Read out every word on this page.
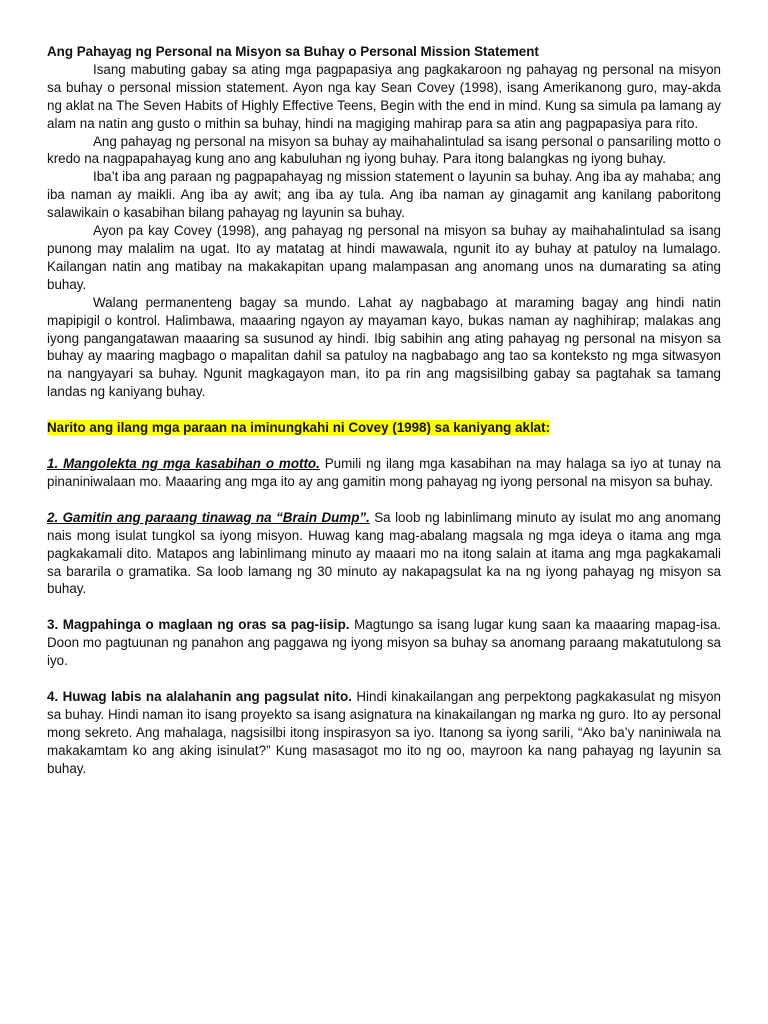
Ang Pahayag ng Personal na Misyon sa Buhay o Personal Mission Statement

Isang mabuting gabay sa ating mga pagpapasiya ang pagkakaroon ng pahayag ng personal na misyon sa buhay o personal mission statement. Ayon nga kay Sean Covey (1998), isang Amerikanong guro, may-akda ng aklat na The Seven Habits of Highly Effective Teens, Begin with the end in mind. Kung sa simula pa lamang ay alam na natin ang gusto o mithin sa buhay, hindi na magiging mahirap para sa atin ang pagpapasiya para rito.

Ang pahayag ng personal na misyon sa buhay ay maihahalintulad sa isang personal o pansariling motto o kredo na nagpapahayag kung ano ang kabuluhan ng iyong buhay. Para itong balangkas ng iyong buhay.

Iba’t iba ang paraan ng pagpapahayag ng mission statement o layunin sa buhay. Ang iba ay mahaba; ang iba naman ay maikli. Ang iba ay awit; ang iba ay tula. Ang iba naman ay ginagamit ang kanilang paboritong salawikain o kasabihan bilang pahayag ng layunin sa buhay.

Ayon pa kay Covey (1998), ang pahayag ng personal na misyon sa buhay ay maihahalintulad sa isang punong may malalim na ugat. Ito ay matatag at hindi mawawala, ngunit ito ay buhay at patuloy na lumalago. Kailangan natin ang matibay na makakapitan upang malampasan ang anomang unos na dumarating sa ating buhay.

Walang permanenteng bagay sa mundo. Lahat ay nagbabago at maraming bagay ang hindi natin mapipigil o kontrol. Halimbawa, maaaring ngayon ay mayaman kayo, bukas naman ay naghihirap; malakas ang iyong pangangatawan maaaring sa susunod ay hindi. Ibig sabihin ang ating pahayag ng personal na misyon sa buhay ay maaring magbago o mapalitan dahil sa patuloy na nagbabago ang tao sa konteksto ng mga sitwasyon na nangyayari sa buhay. Ngunit magkagayon man, ito pa rin ang magsisilbing gabay sa pagtahak sa tamang landas ng kaniyang buhay.

Narito ang ilang mga paraan na iminungkahi ni Covey (1998) sa kaniyang aklat:

1. Mangolekta ng mga kasabihan o motto. Pumili ng ilang mga kasabihan na may halaga sa iyo at tunay na pinaniniwalaan mo. Maaaring ang mga ito ay ang gamitin mong pahayag ng iyong personal na misyon sa buhay.

2. Gamitin ang paraang tinawag na “Brain Dump”. Sa loob ng labinlimang minuto ay isulat mo ang anomang nais mong isulat tungkol sa iyong misyon. Huwag kang mag-abalang magsala ng mga ideya o itama ang mga pagkakamali dito. Matapos ang labinlimang minuto ay maaari mo na itong salain at itama ang mga pagkakamali sa bararila o gramatika. Sa loob lamang ng 30 minuto ay nakapagsulat ka na ng iyong pahayag ng misyon sa buhay.

3. Magpahinga o maglaan ng oras sa pag-iisip. Magtungo sa isang lugar kung saan ka maaaring mapag-isa. Doon mo pagtuunan ng panahon ang paggawa ng iyong misyon sa buhay sa anomang paraang makatutulong sa iyo.

4. Huwag labis na alalahanin ang pagsulat nito. Hindi kinakailangan ang perpektong pagkakasulat ng misyon sa buhay. Hindi naman ito isang proyekto sa isang asignatura na kinakailangan ng marka ng guro. Ito ay personal mong sekreto. Ang mahalaga, nagsisilbi itong inspirasyon sa iyo. Itanong sa iyong sarili, “Ako ba’y naniniwala na makakamtam ko ang aking isinulat?” Kung masasagot mo ito ng oo, mayroon ka nang pahayag ng layunin sa buhay.
